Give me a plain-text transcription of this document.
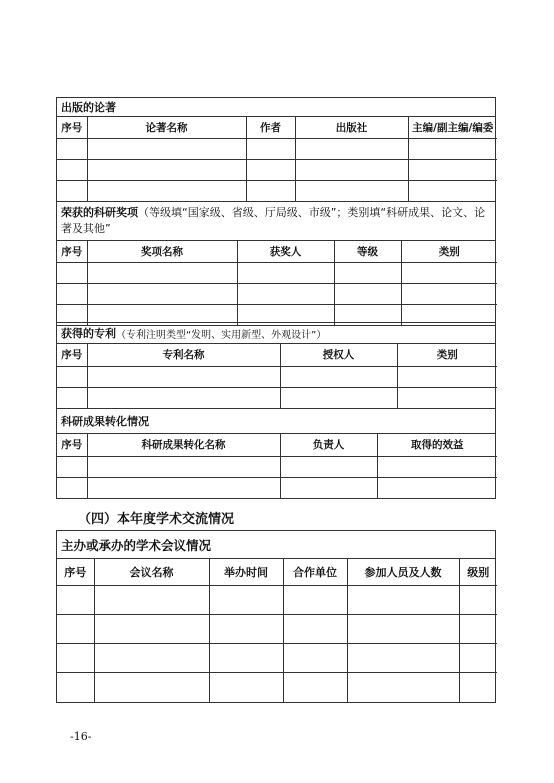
出版的论著
序号	论著名称	作者	出版社	主编/副主编/编委

荣获的科研奖项（等级填“国家级、省级、厅局级、市级”；类别填“科研成果、论文、论著及其他”
序号	奖项名称	获奖人	等级	类别

获得的专利 （专利注明类型“发明、实用新型、外观设计”）
序号	专利名称	授权人	类别

科研成果转化情况
序号	科研成果转化名称	负责人	取得的效益

（四）本年度学术交流情况
主办或承办的学术会议情况
序号	会议名称	举办时间	合作单位	参加人员及人数	级别

-16-
